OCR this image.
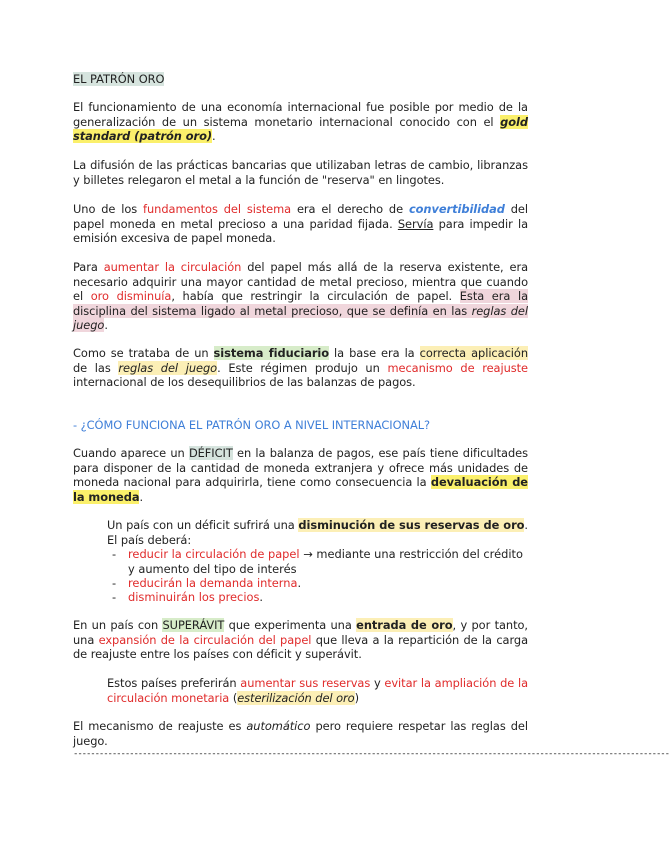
EL PATRÓN ORO
El funcionamiento de una economía internacional fue posible por medio de la generalización de un sistema monetario internacional conocido con el gold standard (patrón oro).
La difusión de las prácticas bancarias que utilizaban letras de cambio, libranzas y billetes relegaron el metal a la función de "reserva" en lingotes.
Uno de los fundamentos del sistema era el derecho de convertibilidad del papel moneda en metal precioso a una paridad fijada. Servía para impedir la emisión excesiva de papel moneda.
Para aumentar la circulación del papel más allá de la reserva existente, era necesario adquirir una mayor cantidad de metal precioso, mientra que cuando el oro disminuía, había que restringir la circulación de papel. Esta era la disciplina del sistema ligado al metal precioso, que se definía en las reglas del juego.
Como se trataba de un sistema fiduciario la base era la correcta aplicación de las reglas del juego. Este régimen produjo un mecanismo de reajuste internacional de los desequilibrios de las balanzas de pagos.
- ¿CÓMO FUNCIONA EL PATRÓN ORO A NIVEL INTERNACIONAL?
Cuando aparece un DÉFICIT en la balanza de pagos, ese país tiene dificultades para disponer de la cantidad de moneda extranjera y ofrece más unidades de moneda nacional para adquirirla, tiene como consecuencia la devaluación de la moneda.
Un país con un déficit sufrirá una disminución de sus reservas de oro. El país deberá:
- reducir la circulación de papel → mediante una restricción del crédito y aumento del tipo de interés
- reducirán la demanda interna.
- disminuirán los precios.
En un país con SUPERÁVIT que experimenta una entrada de oro, y por tanto, una expansión de la circulación del papel que lleva a la repartición de la carga de reajuste entre los países con déficit y superávit.
Estos países preferirán aumentar sus reservas y evitar la ampliación de la circulación monetaria (esterilización del oro)
El mecanismo de reajuste es automático pero requiere respetar las reglas del juego.
------------------------------------------------------------------------------------------------------------------------------------------
